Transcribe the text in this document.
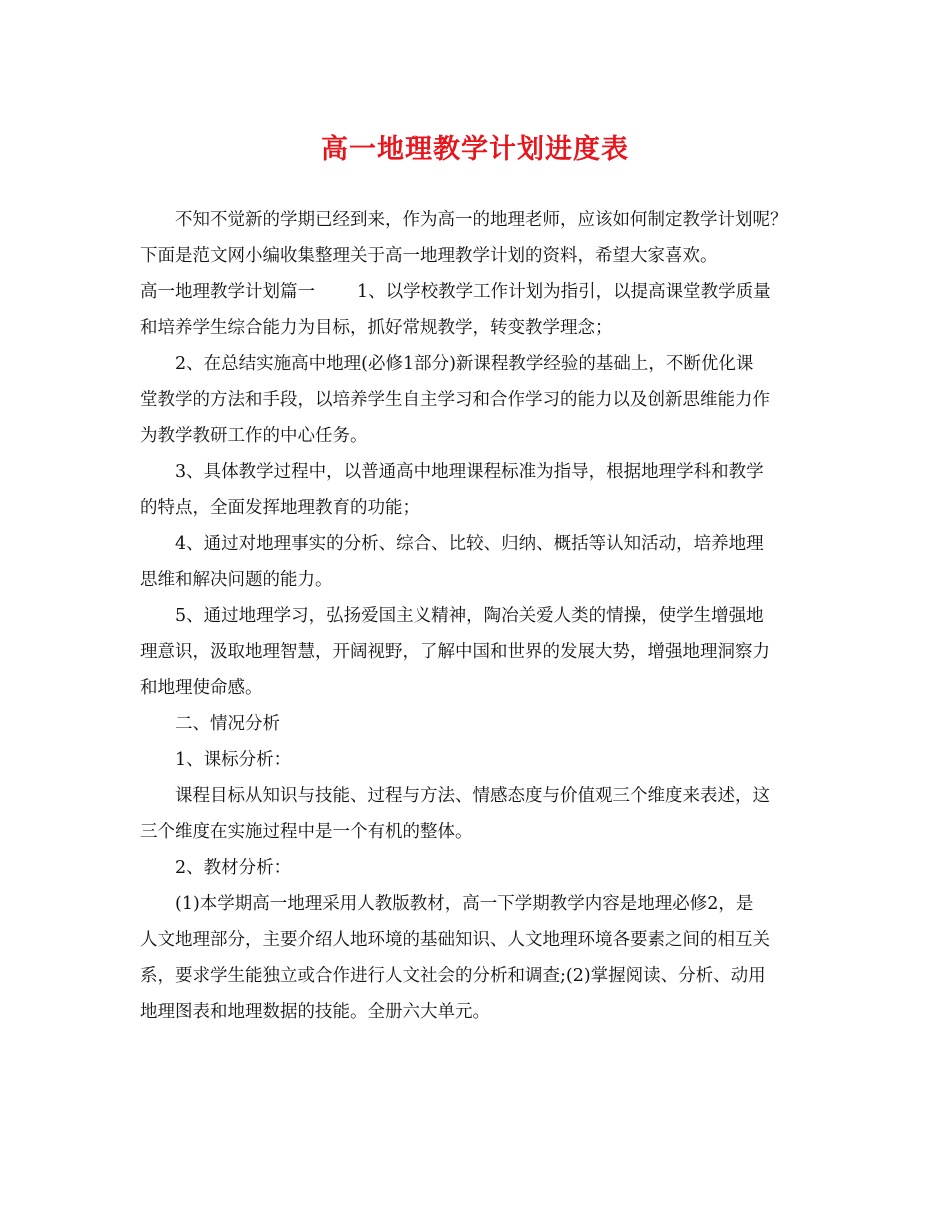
高一地理教学计划进度表
不知不觉新的学期已经到来，作为高一的地理老师，应该如何制定教学计划呢？
下面是范文网小编收集整理关于高一地理教学计划的资料，希望大家喜欢。
高一地理教学计划篇一 1、以学校教学工作计划为指引，以提高课堂教学质量
和培养学生综合能力为目标，抓好常规教学，转变教学理念；
2、在总结实施高中地理(必修1部分)新课程教学经验的基础上，不断优化课
堂教学的方法和手段，以培养学生自主学习和合作学习的能力以及创新思维能力作
为教学教研工作的中心任务。
3、具体教学过程中，以普通高中地理课程标准为指导，根据地理学科和教学
的特点，全面发挥地理教育的功能；
4、通过对地理事实的分析、综合、比较、归纳、概括等认知活动，培养地理
思维和解决问题的能力。
5、通过地理学习，弘扬爱国主义精神，陶冶关爱人类的情操，使学生增强地
理意识，汲取地理智慧，开阔视野，了解中国和世界的发展大势，增强地理洞察力
和地理使命感。
二、情况分析
1、课标分析：
课程目标从知识与技能、过程与方法、情感态度与价值观三个维度来表述，这
三个维度在实施过程中是一个有机的整体。
2、教材分析：
(1)本学期高一地理采用人教版教材，高一下学期教学内容是地理必修2，是
人文地理部分，主要介绍人地环境的基础知识、人文地理环境各要素之间的相互关
系，要求学生能独立或合作进行人文社会的分析和调查;(2)掌握阅读、分析、动用
地理图表和地理数据的技能。全册六大单元。
